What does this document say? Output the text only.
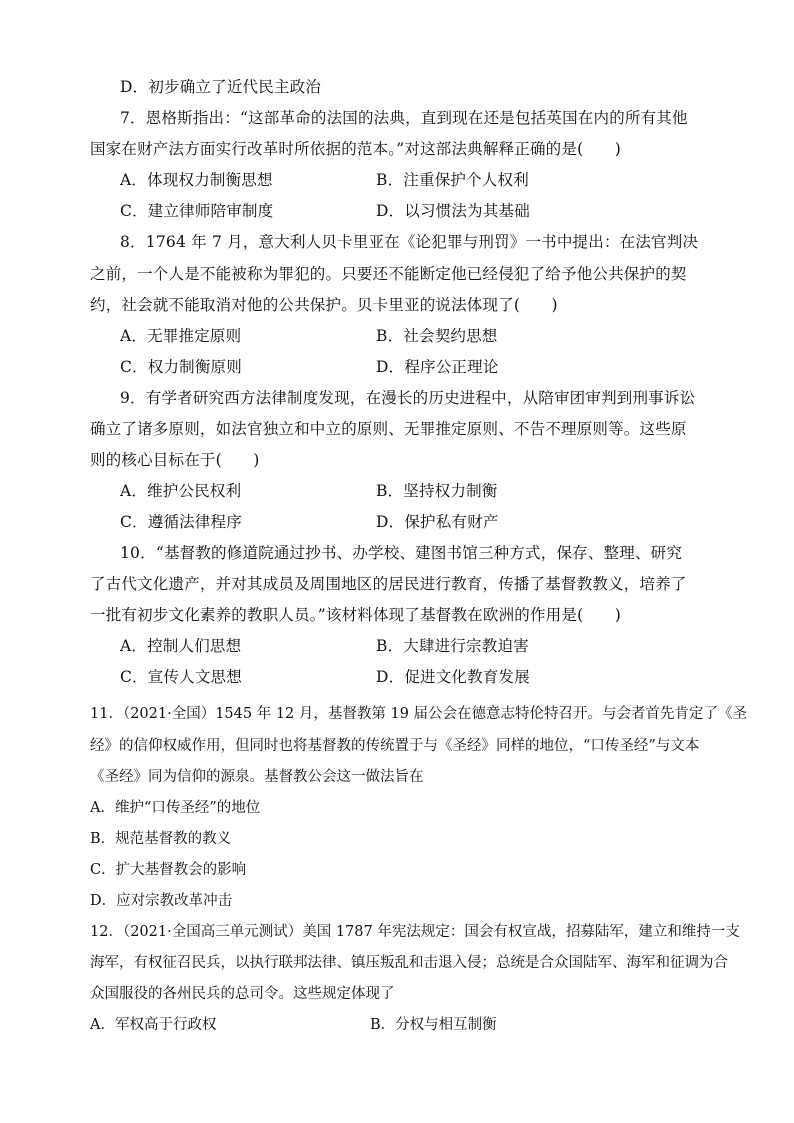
D．初步确立了近代民主政治
7．恩格斯指出：“这部革命的法国的法典，直到现在还是包括英国在内的所有其他
国家在财产法方面实行改革时所依据的范本。”对这部法典解释正确的是(　　)
A．体现权力制衡思想	B．注重保护个人权利
C．建立律师陪审制度	D．以习惯法为其基础
8．1764 年 7 月，意大利人贝卡里亚在《论犯罪与刑罚》一书中提出：在法官判决
之前，一个人是不能被称为罪犯的。只要还不能断定他已经侵犯了给予他公共保护的契
约，社会就不能取消对他的公共保护。贝卡里亚的说法体现了(　　)
A．无罪推定原则	B．社会契约思想
C．权力制衡原则	D．程序公正理论
9．有学者研究西方法律制度发现，在漫长的历史进程中，从陪审团审判到刑事诉讼
确立了诸多原则，如法官独立和中立的原则、无罪推定原则、不告不理原则等。这些原
则的核心目标在于(　　)
A．维护公民权利	B．坚持权力制衡
C．遵循法律程序	D．保护私有财产
10．“基督教的修道院通过抄书、办学校、建图书馆三种方式，保存、整理、研究
了古代文化遗产，并对其成员及周围地区的居民进行教育，传播了基督教教义，培养了
一批有初步文化素养的教职人员。”该材料体现了基督教在欧洲的作用是(　　)
A．控制人们思想	B．大肆进行宗教迫害
C．宣传人文思想	D．促进文化教育发展
11．（2021·全国）1545 年 12 月，基督教第 19 届公会在德意志特伦特召开。与会者首先肯定了《圣
经》的信仰权威作用，但同时也将基督教的传统置于与《圣经》同样的地位，“口传圣经”与文本
《圣经》同为信仰的源泉。基督教公会这一做法旨在
A．维护“口传圣经”的地位
B．规范基督教的教义
C．扩大基督教会的影响
D．应对宗教改革冲击
12．（2021·全国高三单元测试）美国 1787 年宪法规定：国会有权宣战，招募陆军，建立和维持一支
海军，有权征召民兵，以执行联邦法律、镇压叛乱和击退入侵；总统是合众国陆军、海军和征调为合
众国服役的各州民兵的总司令。这些规定体现了
A．军权高于行政权	B．分权与相互制衡
